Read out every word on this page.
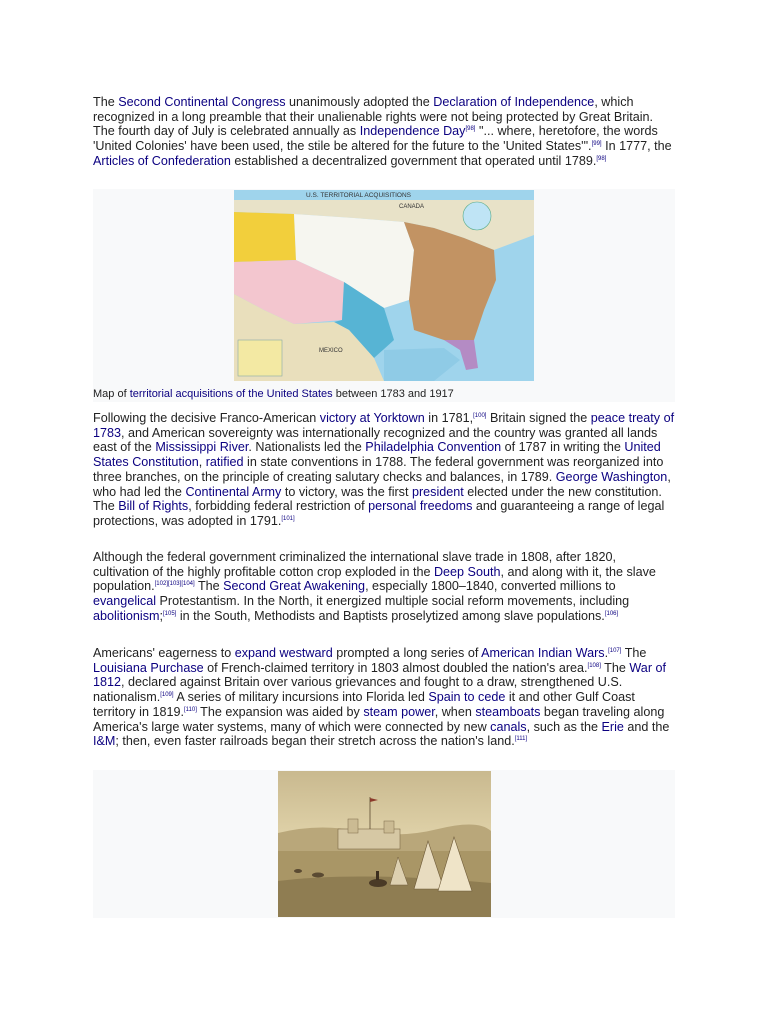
The Second Continental Congress unanimously adopted the Declaration of Independence, which recognized in a long preamble that their unalienable rights were not being protected by Great Britain. The fourth day of July is celebrated annually as Independence Day[98] "... where, heretofore, the words 'United Colonies' have been used, the stile be altered for the future to the 'United States'".[99] In 1777, the Articles of Confederation established a decentralized government that operated until 1789.[98]

U.S. TERRITORIAL ACQUISITIONS
CANADA
MEXICO
Map of territorial acquisitions of the United States between 1783 and 1917

Following the decisive Franco-American victory at Yorktown in 1781,[100] Britain signed the peace treaty of 1783, and American sovereignty was internationally recognized and the country was granted all lands east of the Mississippi River. Nationalists led the Philadelphia Convention of 1787 in writing the United States Constitution, ratified in state conventions in 1788. The federal government was reorganized into three branches, on the principle of creating salutary checks and balances, in 1789. George Washington, who had led the Continental Army to victory, was the first president elected under the new constitution. The Bill of Rights, forbidding federal restriction of personal freedoms and guaranteeing a range of legal protections, was adopted in 1791.[101]

Although the federal government criminalized the international slave trade in 1808, after 1820, cultivation of the highly profitable cotton crop exploded in the Deep South, and along with it, the slave population.[102][103][104] The Second Great Awakening, especially 1800–1840, converted millions to evangelical Protestantism. In the North, it energized multiple social reform movements, including abolitionism;[105] in the South, Methodists and Baptists proselytized among slave populations.[106]

Americans' eagerness to expand westward prompted a long series of American Indian Wars.[107] The Louisiana Purchase of French-claimed territory in 1803 almost doubled the nation's area.[108] The War of 1812, declared against Britain over various grievances and fought to a draw, strengthened U.S. nationalism.[109] A series of military incursions into Florida led Spain to cede it and other Gulf Coast territory in 1819.[110] The expansion was aided by steam power, when steamboats began traveling along America's large water systems, many of which were connected by new canals, such as the Erie and the I&M; then, even faster railroads began their stretch across the nation's land.[111]
